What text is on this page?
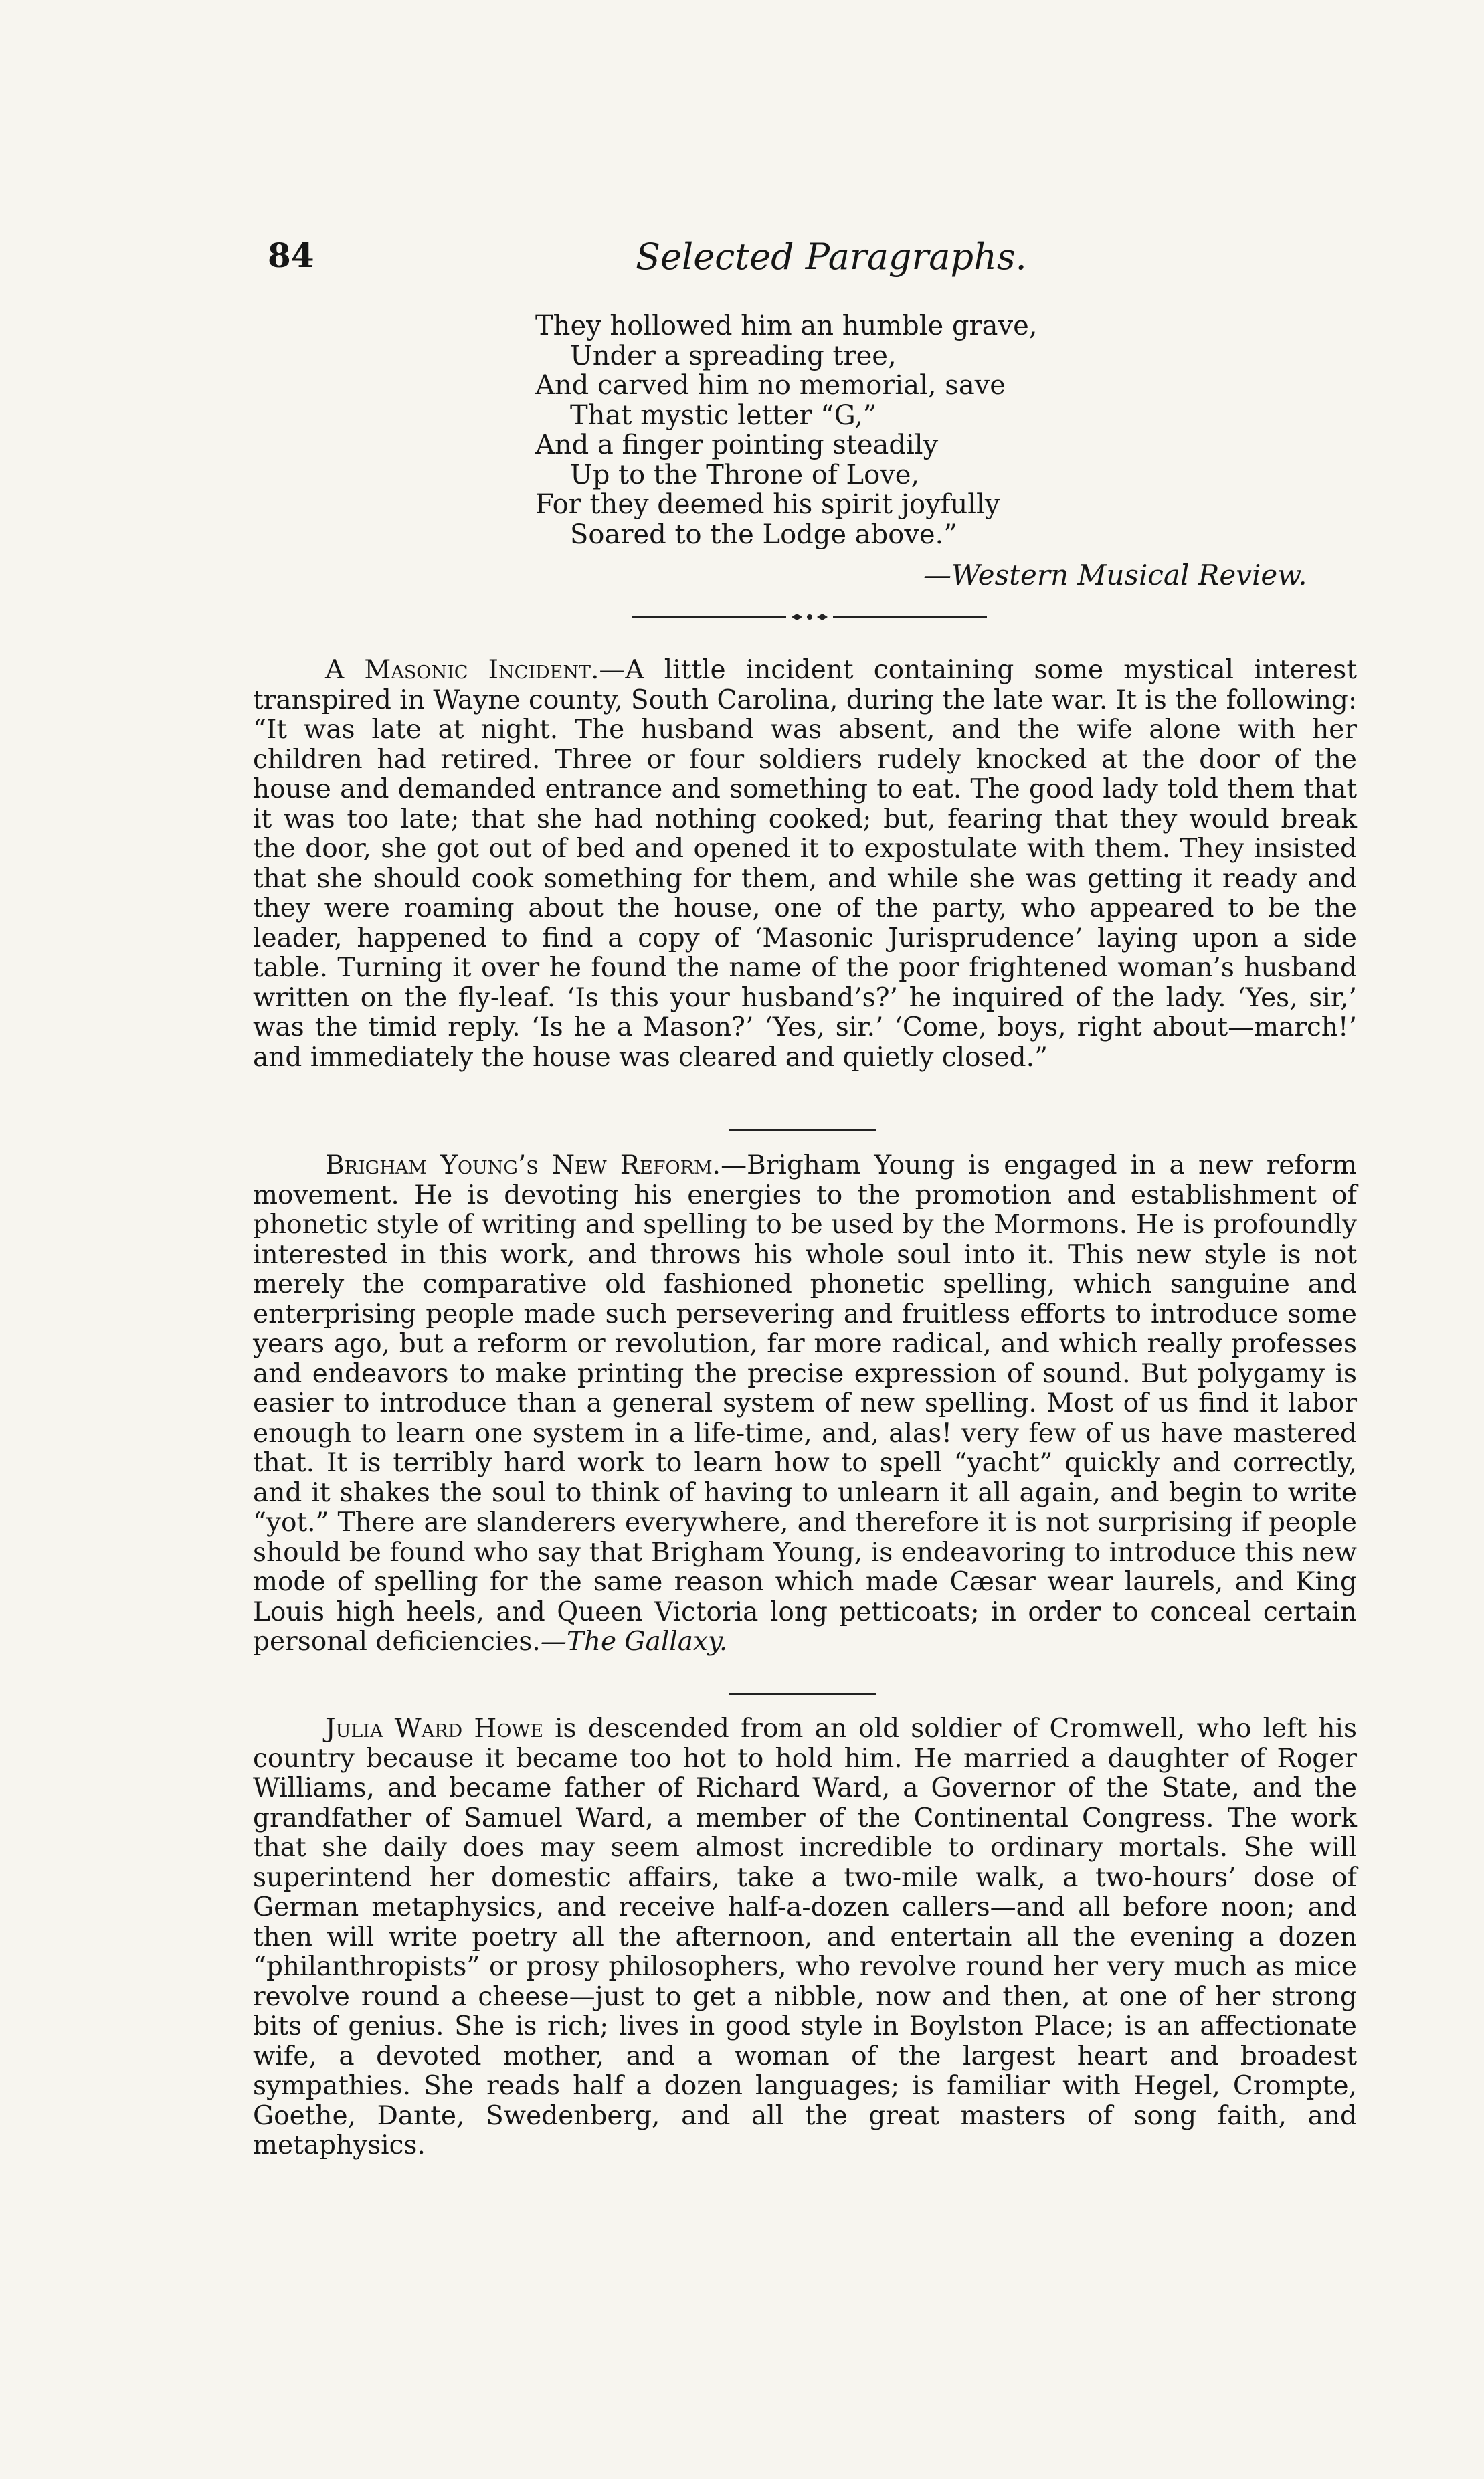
84	Selected Paragraphs.
They hollowed him an humble grave,
Under a spreading tree,
And carved him no memorial, save
That mystic letter “G,”
And a finger pointing steadily
Up to the Throne of Love,
For they deemed his spirit joyfully
Soared to the Lodge above.”
—Western Musical Review.
A Masonic Incident.—A little incident containing some mystical interest transpired in Wayne county, South Carolina, during the late war. It is the following: “It was late at night. The husband was absent, and the wife alone with her children had retired. Three or four soldiers rudely knocked at the door of the house and demanded entrance and something to eat. The good lady told them that it was too late; that she had nothing cooked; but, fearing that they would break the door, she got out of bed and opened it to expostulate with them. They insisted that she should cook something for them, and while she was getting it ready and they were roaming about the house, one of the party, who appeared to be the leader, happened to find a copy of ‘Masonic Jurisprudence’ laying upon a side table. Turning it over he found the name of the poor frightened woman’s husband written on the fly-leaf. ‘Is this your husband’s?’ he inquired of the lady. ‘Yes, sir,’ was the timid reply. ‘Is he a Mason?’ ‘Yes, sir.’ ‘Come, boys, right about—march!’ and immediately the house was cleared and quietly closed.”
Brigham Young’s New Reform.—Brigham Young is engaged in a new reform movement. He is devoting his energies to the promotion and establishment of phonetic style of writing and spelling to be used by the Mormons. He is profoundly interested in this work, and throws his whole soul into it. This new style is not merely the comparative old fashioned phonetic spelling, which sanguine and enterprising people made such persevering and fruitless efforts to introduce some years ago, but a reform or revolution, far more radical, and which really professes and endeavors to make printing the precise expression of sound. But polygamy is easier to introduce than a general system of new spelling. Most of us find it labor enough to learn one system in a life-time, and, alas! very few of us have mastered that. It is terribly hard work to learn how to spell “yacht” quickly and correctly, and it shakes the soul to think of having to unlearn it all again, and begin to write “yot.” There are slanderers everywhere, and therefore it is not surprising if people should be found who say that Brigham Young, is endeavoring to introduce this new mode of spelling for the same reason which made Cæsar wear laurels, and King Louis high heels, and Queen Victoria long petticoats; in order to conceal certain personal deficiencies.—The Gallaxy.
Julia Ward Howe is descended from an old soldier of Cromwell, who left his country because it became too hot to hold him. He married a daughter of Roger Williams, and became father of Richard Ward, a Governor of the State, and the grandfather of Samuel Ward, a member of the Continental Congress. The work that she daily does may seem almost incredible to ordinary mortals. She will superintend her domestic affairs, take a two-mile walk, a two-hours’ dose of German metaphysics, and receive half-a-dozen callers—and all before noon; and then will write poetry all the afternoon, and entertain all the evening a dozen “philanthropists” or prosy philosophers, who revolve round her very much as mice revolve round a cheese—just to get a nibble, now and then, at one of her strong bits of genius. She is rich; lives in good style in Boylston Place; is an affectionate wife, a devoted mother, and a woman of the largest heart and broadest sympathies. She reads half a dozen languages; is familiar with Hegel, Crompte, Goethe, Dante, Swedenberg, and all the great masters of song faith, and metaphysics.
